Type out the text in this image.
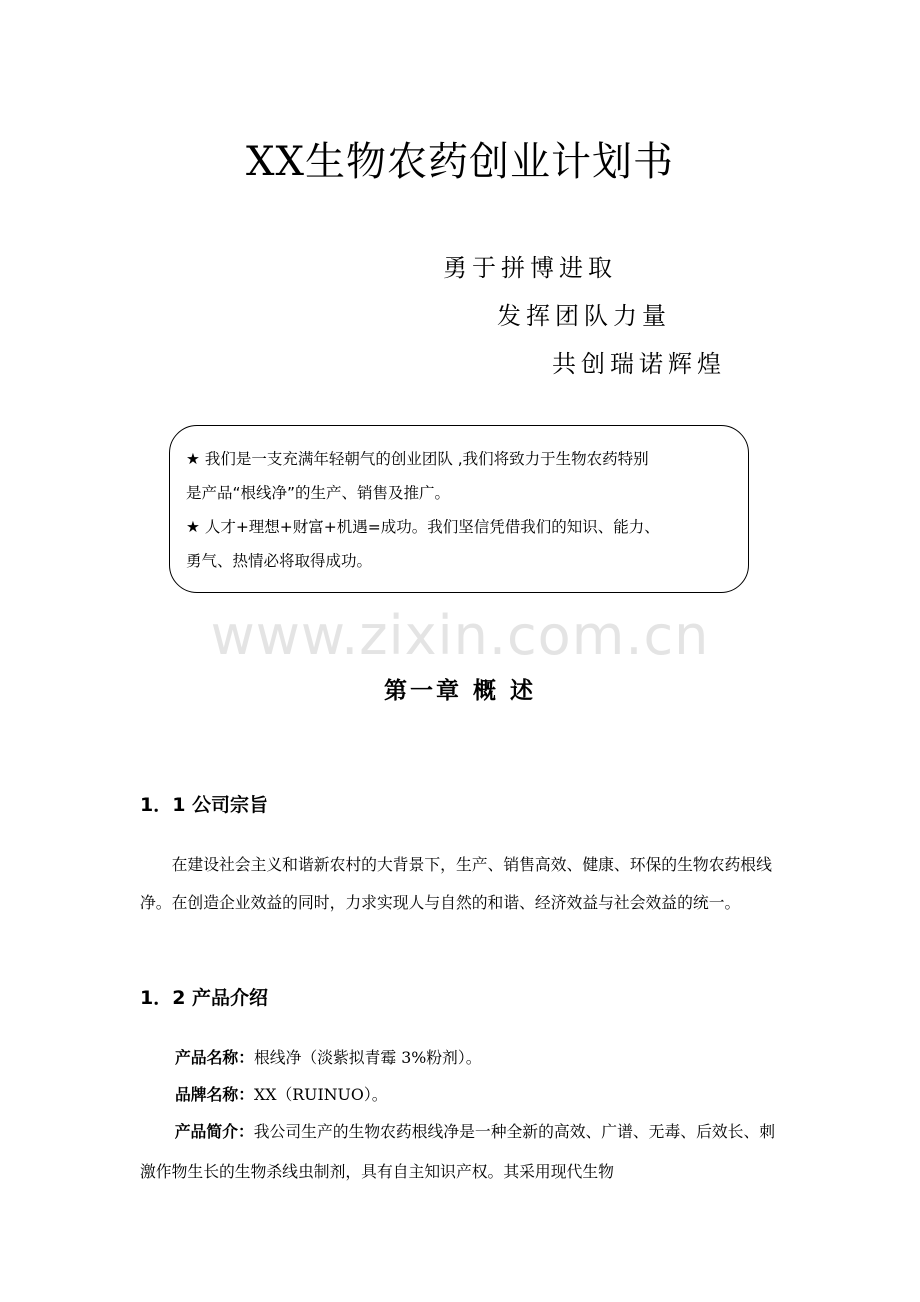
XX生物农药创业计划书
勇于拼博进取
发挥团队力量
共创瑞诺辉煌

★ 我们是一支充满年轻朝气的创业团队 ,我们将致力于生物农药特别

是产品“根线净”的生产、销售及推广。

★ 人才+理想+财富+机遇=成功。我们坚信凭借我们的知识、能力、

勇气、热情必将取得成功。

www.zixin.com.cn
第一章 概 述
1．1 公司宗旨

在建设社会主义和谐新农村的大背景下，生产、销售高效、健康、环保的生物农药根线净。在创造企业效益的同时，力求实现人与自然的和谐、经济效益与社会效益的统一。

1．2 产品介绍
产品名称：根线净（淡紫拟青霉 3%粉剂）。
品牌名称：XX（RUINUO）。

产品简介：我公司生产的生物农药根线净是一种全新的高效、广谱、无毒、后效长、刺激作物生长的生物杀线虫制剂，具有自主知识产权。其采用现代生物
